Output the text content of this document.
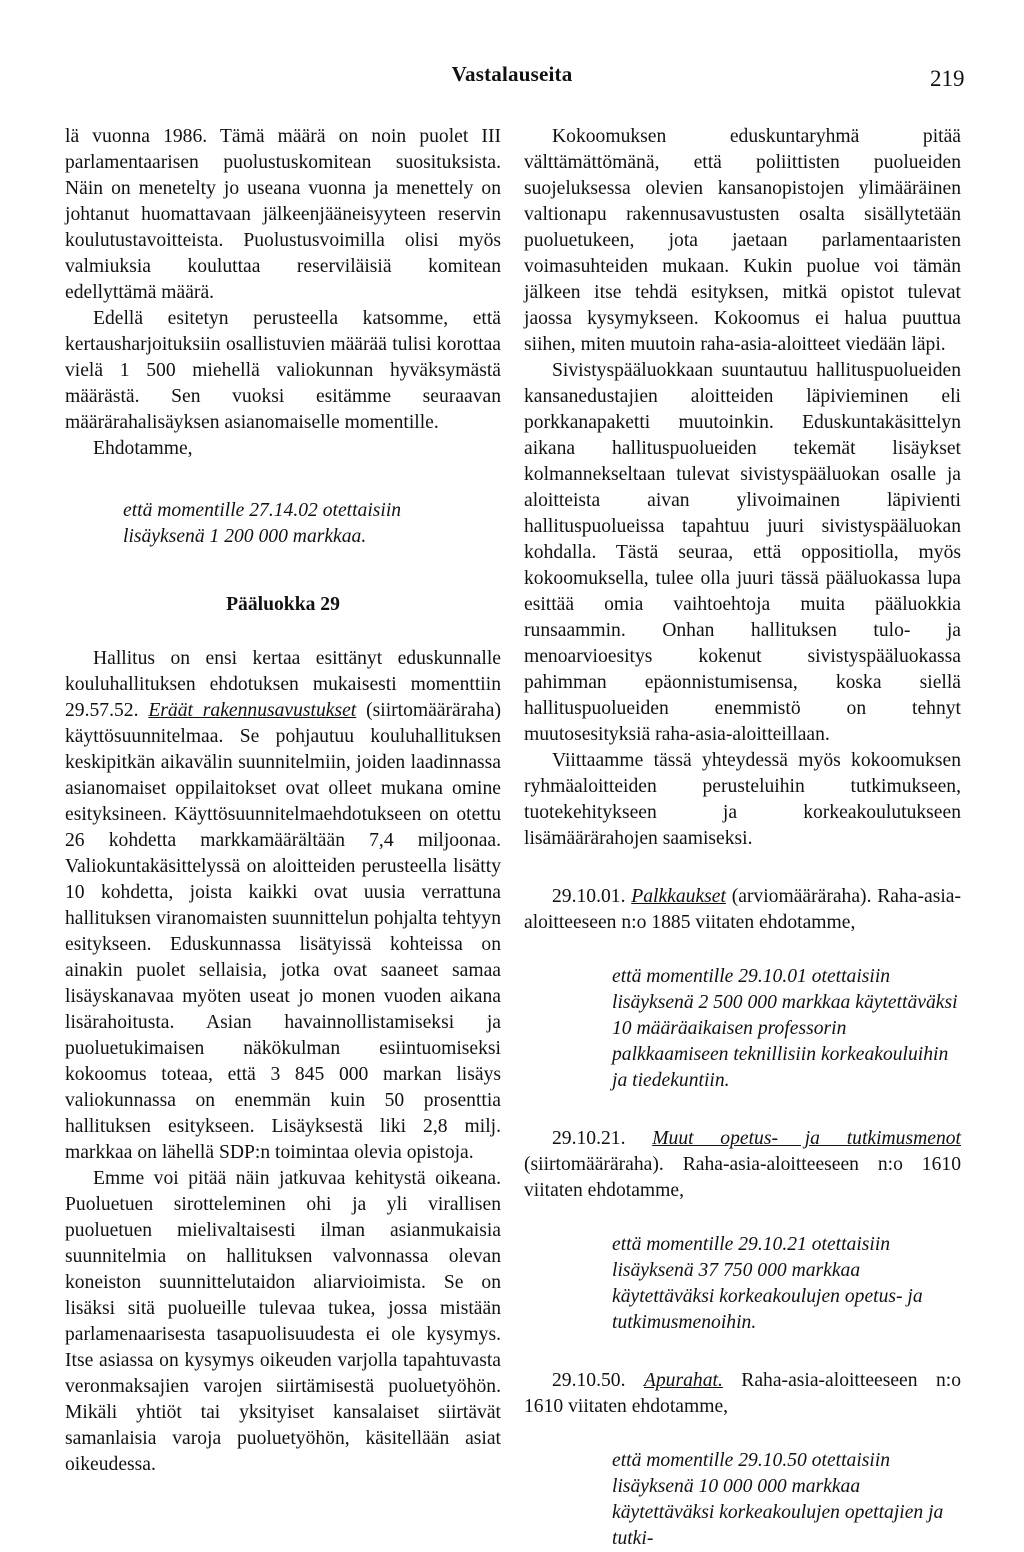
Vastalauseita	219

lä vuonna 1986. Tämä määrä on noin puolet III parlamentaarisen puolustuskomitean suosituksista. Näin on menetelty jo useana vuonna ja menettely on johtanut huomattavaan jälkeenjääneisyyteen reservin koulutustavoitteista. Puolustusvoimilla olisi myös valmiuksia kouluttaa reserviläisiä komitean edellyttämä määrä.

Edellä esitetyn perusteella katsomme, että kertausharjoituksiin osallistuvien määrää tulisi korottaa vielä 1 500 miehellä valiokunnan hyväksymästä määrästä. Sen vuoksi esitämme seuraavan määrärahalisäyksen asianomaiselle momentille.

Ehdotamme,

että momentille 27.14.02 otettaisiin
lisäyksenä 1 200 000 markkaa.

Pääluokka 29

Hallitus on ensi kertaa esittänyt eduskunnalle kouluhallituksen ehdotuksen mukaisesti momenttiin 29.57.52. Eräät rakennusavustukset (siirtomääräraha) käyttösuunnitelmaa. Se pohjautuu kouluhallituksen keskipitkän aikavälin suunnitelmiin, joiden laadinnassa asianomaiset oppilaitokset ovat olleet mukana omine esityksineen. Käyttösuunnitelmaehdotukseen on otettu 26 kohdetta markkamäärältään 7,4 miljoonaa. Valiokuntakäsittelyssä on aloitteiden perusteella lisätty 10 kohdetta, joista kaikki ovat uusia verrattuna hallituksen viranomaisten suunnittelun pohjalta tehtyyn esitykseen. Eduskunnassa lisätyissä kohteissa on ainakin puolet sellaisia, jotka ovat saaneet samaa lisäyskanavaa myöten useat jo monen vuoden aikana lisärahoitusta. Asian havainnollistamiseksi ja puoluetukimaisen näkökulman esiintuomiseksi kokoomus toteaa, että 3 845 000 markan lisäys valiokunnassa on enemmän kuin 50 prosenttia hallituksen esitykseen. Lisäyksestä liki 2,8 milj. markkaa on lähellä SDP:n toimintaa olevia opistoja.

Emme voi pitää näin jatkuvaa kehitystä oikeana. Puoluetuen sirotteleminen ohi ja yli virallisen puoluetuen mielivaltaisesti ilman asianmukaisia suunnitelmia on hallituksen valvonnassa olevan koneiston suunnittelutaidon aliarvioimista. Se on lisäksi sitä puolueille tulevaa tukea, jossa mistään parlamenaarisesta tasapuolisuudesta ei ole kysymys. Itse asiassa on kysymys oikeuden varjolla tapahtuvasta veronmaksajien varojen siirtämisestä puoluetyöhön. Mikäli yhtiöt tai yksityiset kansalaiset siirtävät samanlaisia varoja puoluetyöhön, käsitellään asiat oikeudessa.

Kokoomuksen eduskuntaryhmä pitää välttämättömänä, että poliittisten puolueiden suojeluksessa olevien kansanopistojen ylimääräinen valtionapu rakennusavustusten osalta sisällytetään puoluetukeen, jota jaetaan parlamentaaristen voimasuhteiden mukaan. Kukin puolue voi tämän jälkeen itse tehdä esityksen, mitkä opistot tulevat jaossa kysymykseen. Kokoomus ei halua puuttua siihen, miten muutoin raha-asia-aloitteet viedään läpi.

Sivistyspääluokkaan suuntautuu hallituspuolueiden kansanedustajien aloitteiden läpivieminen eli porkkanapaketti muutoinkin. Eduskuntakäsittelyn aikana hallituspuolueiden tekemät lisäykset kolmannekseltaan tulevat sivistyspääluokan osalle ja aloitteista aivan ylivoimainen läpivienti hallituspuolueissa tapahtuu juuri sivistyspääluokan kohdalla. Tästä seuraa, että oppositiolla, myös kokoomuksella, tulee olla juuri tässä pääluokassa lupa esittää omia vaihtoehtoja muita pääluokkia runsaammin. Onhan hallituksen tulo- ja menoarvioesitys kokenut sivistyspääluokassa pahimman epäonnistumisensa, koska siellä hallituspuolueiden enemmistö on tehnyt muutosesityksiä raha-asia-aloitteillaan.

Viittaamme tässä yhteydessä myös kokoomuksen ryhmäaloitteiden perusteluihin tutkimukseen, tuotekehitykseen ja korkeakoulutukseen lisämäärärahojen saamiseksi.

29.10.01. Palkkaukset (arviomääräraha). Raha-asia-aloitteeseen n:o 1885 viitaten ehdotamme,

että momentille 29.10.01 otettaisiin lisäyksenä 2 500 000 markkaa käytettäväksi 10 määräaikaisen professorin palkkaamiseen teknillisiin korkeakouluihin ja tiedekuntiin.

29.10.21. Muut opetus- ja tutkimusmenot (siirtomääräraha). Raha-asia-aloitteeseen n:o 1610 viitaten ehdotamme,

että momentille 29.10.21 otettaisiin lisäyksenä 37 750 000 markkaa käytettäväksi korkeakoulujen opetus- ja tutkimusmenoihin.

29.10.50. Apurahat. Raha-asia-aloitteeseen n:o 1610 viitaten ehdotamme,

että momentille 29.10.50 otettaisiin lisäyksenä 10 000 000 markkaa käytettäväksi korkeakoulujen opettajien ja tutki-
